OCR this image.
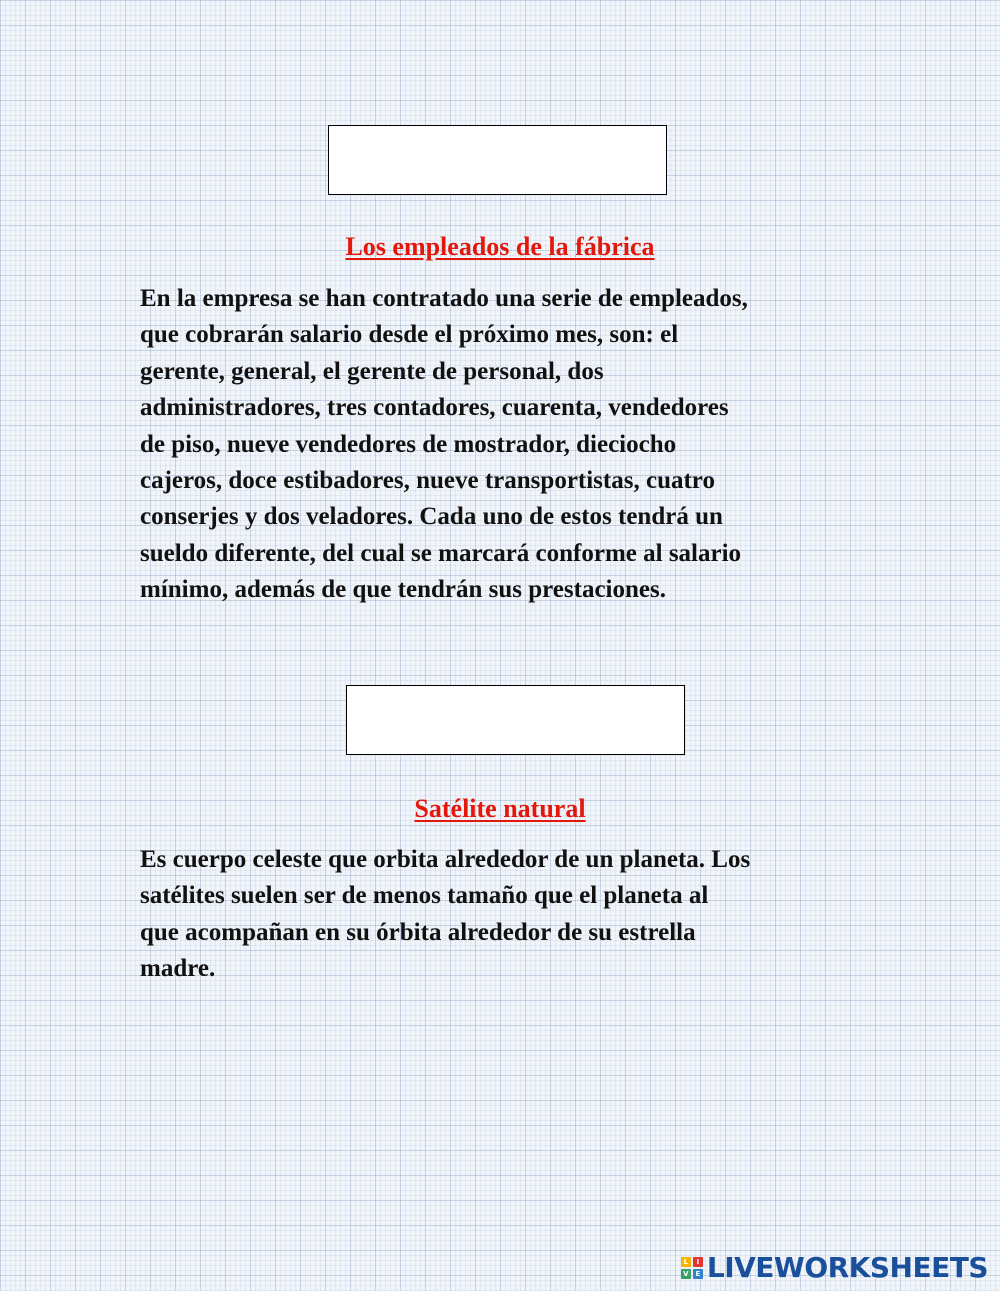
Los empleados de la fábrica

En la empresa se han contratado una serie de empleados,
que cobrarán salario desde el próximo mes, son: el
gerente, general, el gerente de personal, dos
administradores, tres contadores, cuarenta, vendedores
de piso, nueve vendedores de mostrador, dieciocho
cajeros, doce estibadores, nueve transportistas, cuatro
conserjes y dos veladores. Cada uno de estos tendrá un
sueldo diferente, del cual se marcará conforme al salario
mínimo, además de que tendrán sus prestaciones.

Satélite natural

Es cuerpo celeste que orbita alrededor de un planeta. Los
satélites suelen ser de menos tamaño que el planeta al
que acompañan en su órbita alrededor de su estrella
madre.

L	I
V E LIVEWORKSHEETS
